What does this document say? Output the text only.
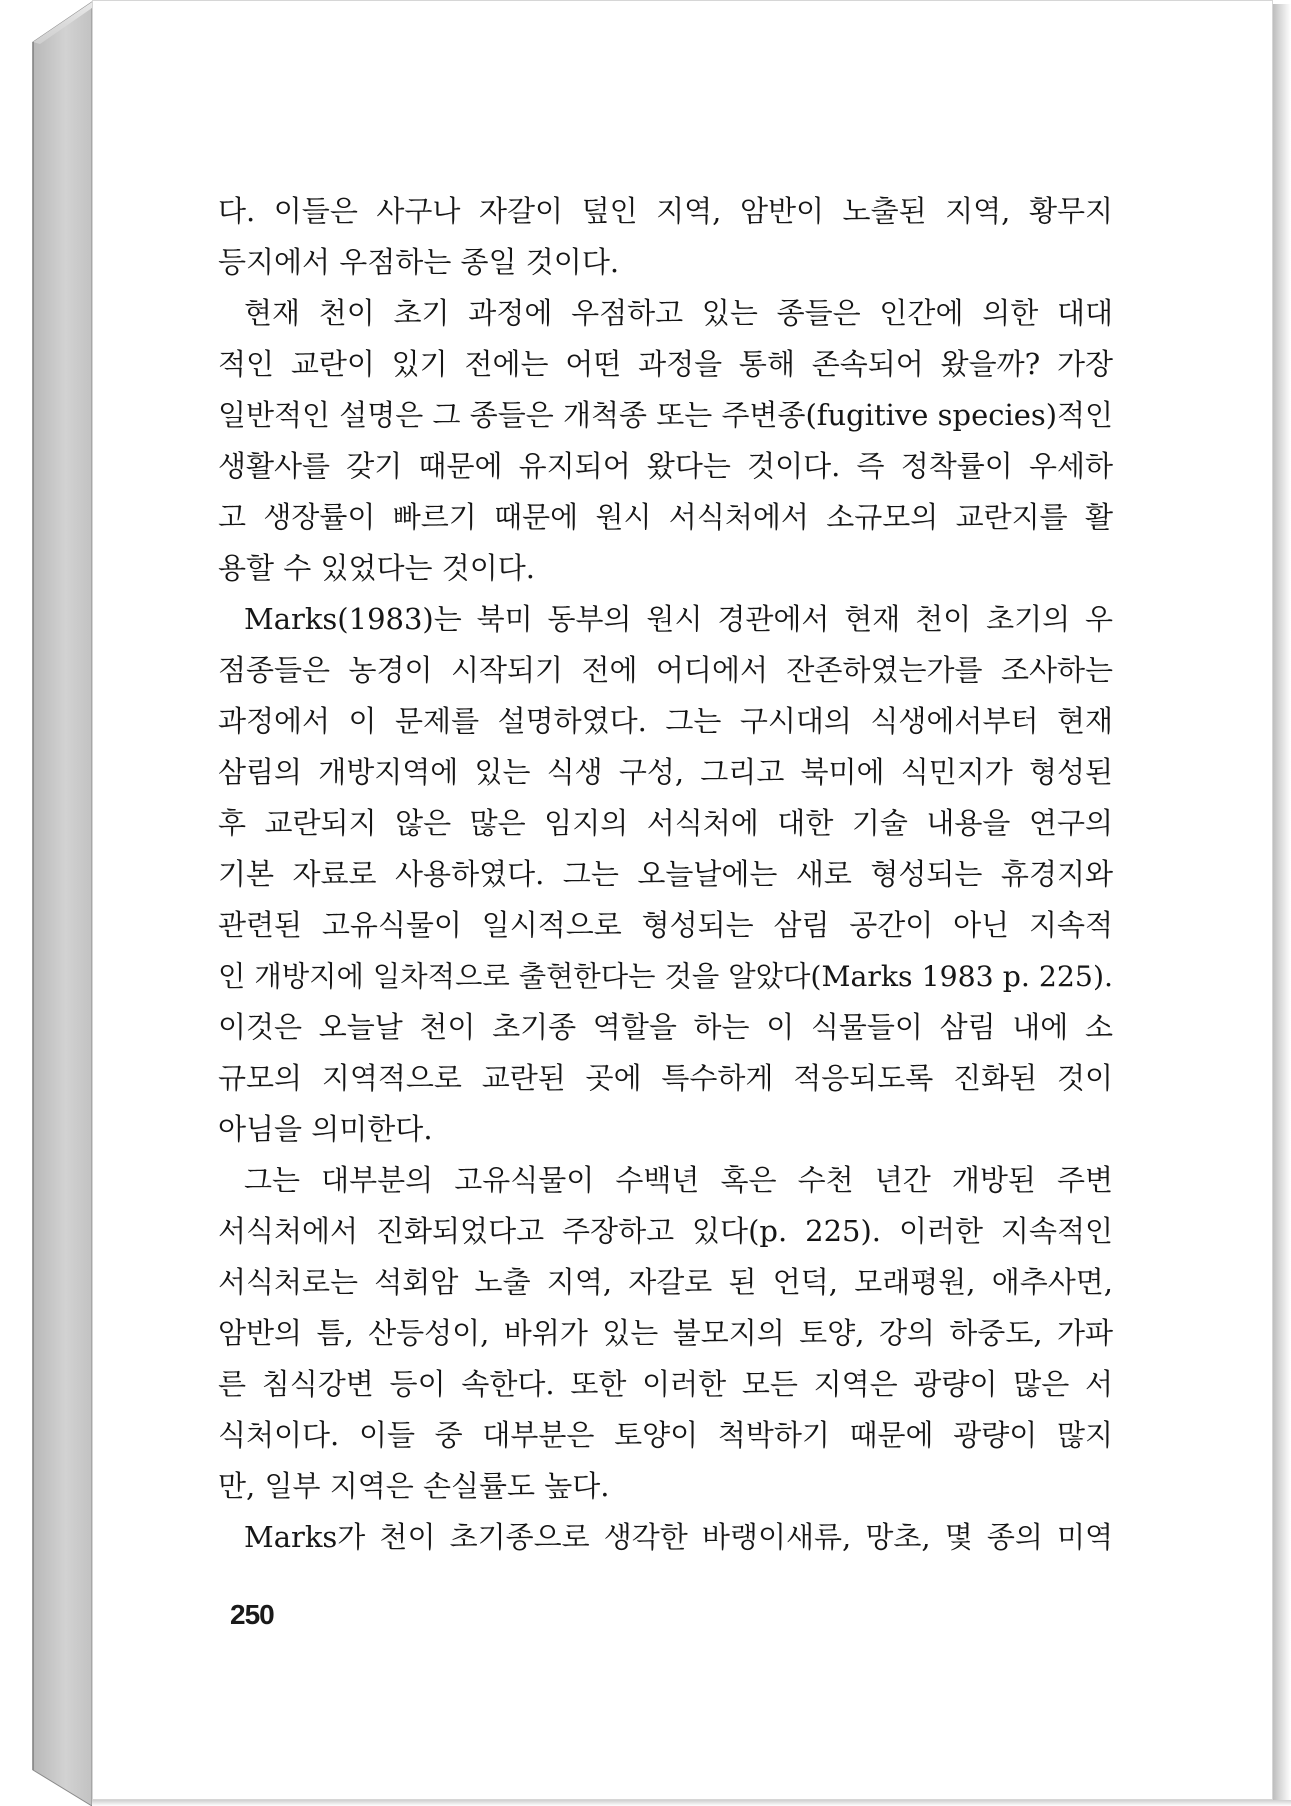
다. 이들은 사구나 자갈이 덮인 지역, 암반이 노출된 지역, 황무지
등지에서 우점하는 종일 것이다.
현재 천이 초기 과정에 우점하고 있는 종들은 인간에 의한 대대
적인 교란이 있기 전에는 어떤 과정을 통해 존속되어 왔을까? 가장
일반적인 설명은 그 종들은 개척종 또는 주변종(fugitive species)적인
생활사를 갖기 때문에 유지되어 왔다는 것이다. 즉 정착률이 우세하
고 생장률이 빠르기 때문에 원시 서식처에서 소규모의 교란지를 활
용할 수 있었다는 것이다.
Marks(1983)는 북미 동부의 원시 경관에서 현재 천이 초기의 우
점종들은 농경이 시작되기 전에 어디에서 잔존하였는가를 조사하는
과정에서 이 문제를 설명하였다. 그는 구시대의 식생에서부터 현재
삼림의 개방지역에 있는 식생 구성, 그리고 북미에 식민지가 형성된
후 교란되지 않은 많은 임지의 서식처에 대한 기술 내용을 연구의
기본 자료로 사용하였다. 그는 오늘날에는 새로 형성되는 휴경지와
관련된 고유식물이 일시적으로 형성되는 삼림 공간이 아닌 지속적
인 개방지에 일차적으로 출현한다는 것을 알았다(Marks 1983 p. 225).
이것은 오늘날 천이 초기종 역할을 하는 이 식물들이 삼림 내에 소
규모의 지역적으로 교란된 곳에 특수하게 적응되도록 진화된 것이
아님을 의미한다.
그는 대부분의 고유식물이 수백년 혹은 수천 년간 개방된 주변
서식처에서 진화되었다고 주장하고 있다(p. 225). 이러한 지속적인
서식처로는 석회암 노출 지역, 자갈로 된 언덕, 모래평원, 애추사면,
암반의 틈, 산등성이, 바위가 있는 불모지의 토양, 강의 하중도, 가파
른 침식강변 등이 속한다. 또한 이러한 모든 지역은 광량이 많은 서
식처이다. 이들 중 대부분은 토양이 척박하기 때문에 광량이 많지
만, 일부 지역은 손실률도 높다.
Marks가 천이 초기종으로 생각한 바랭이새류, 망초, 몇 종의 미역
250
